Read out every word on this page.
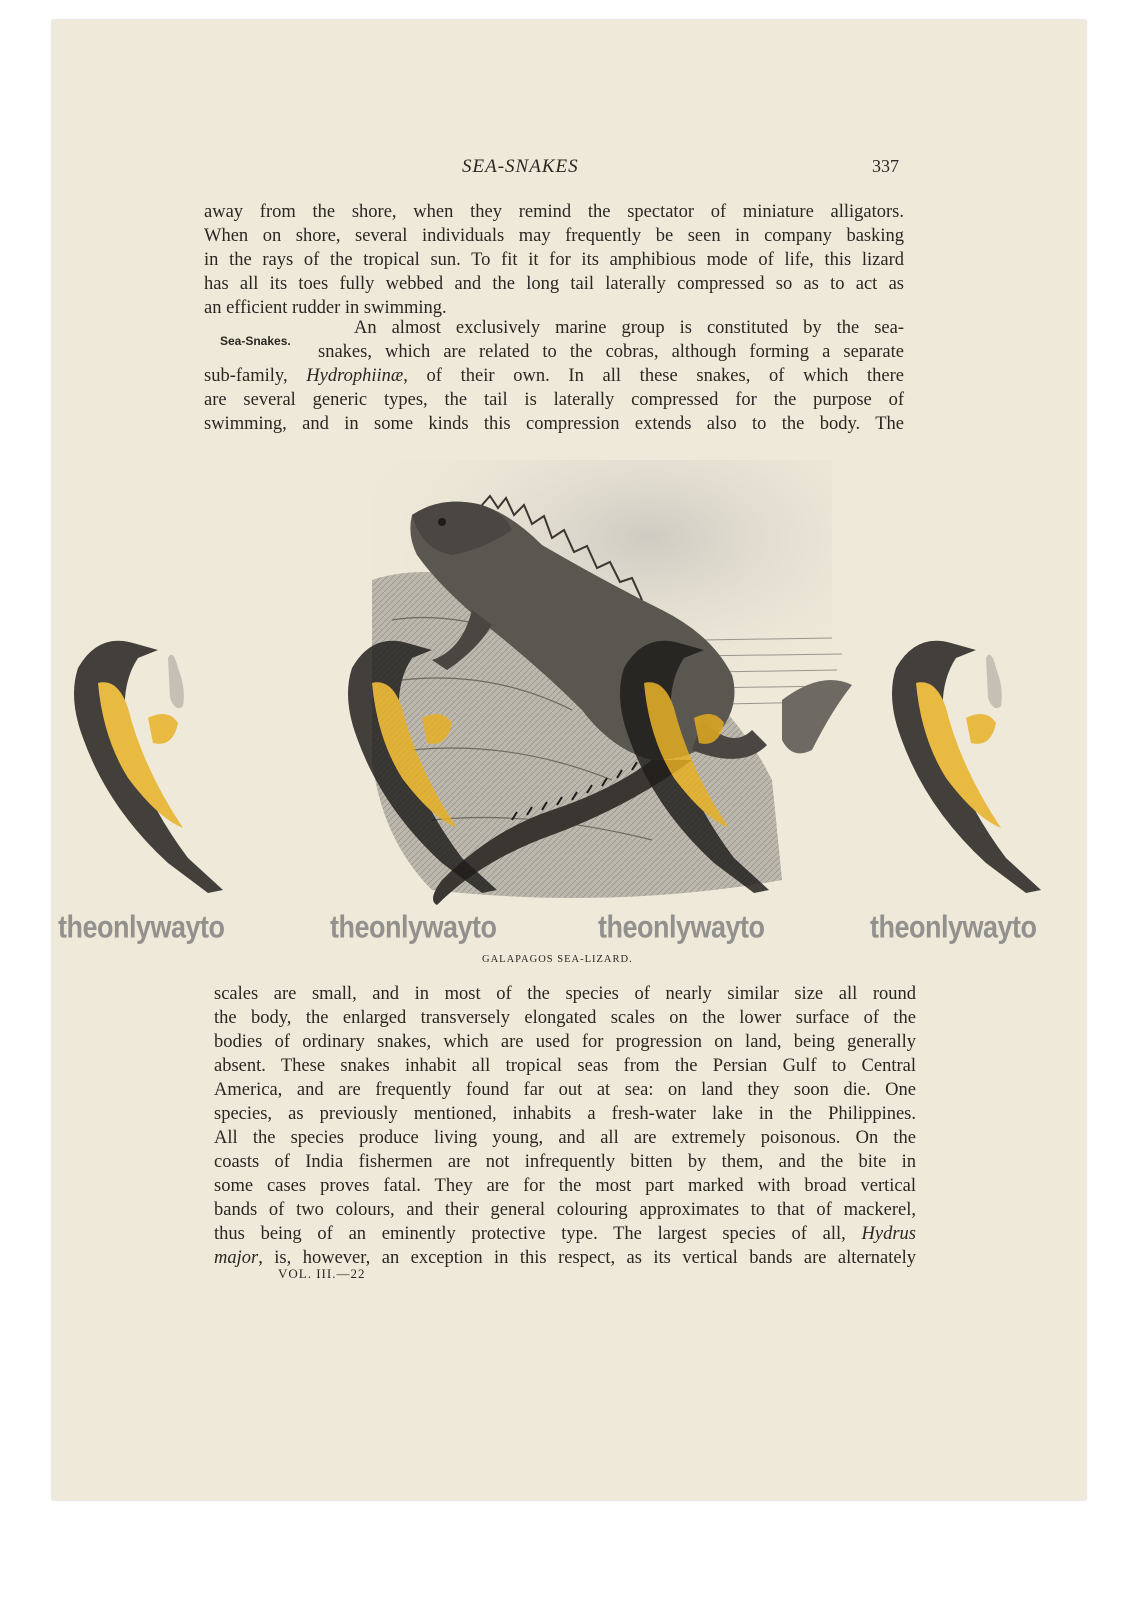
SEA-SNAKES	337
away from the shore, when they remind the spectator of miniature alligators.
When on shore, several individuals may frequently be seen in company basking
in the rays of the tropical sun. To fit it for its amphibious mode of life, this lizard
has all its toes fully webbed and the long tail laterally compressed so as to act as
an efficient rudder in swimming.
An almost exclusively marine group is constituted by the sea-
snakes, which are related to the cobras, although forming a separate
sub-family, Hydrophiinæ, of their own. In all these snakes, of which there
are several generic types, the tail is laterally compressed for the purpose of
swimming, and in some kinds this compression extends also to the body. The
Sea-Snakes.
GALAPAGOS SEA-LIZARD.
scales are small, and in most of the species of nearly similar size all round
the body, the enlarged transversely elongated scales on the lower surface of the
bodies of ordinary snakes, which are used for progression on land, being generally
absent. These snakes inhabit all tropical seas from the Persian Gulf to Central
America, and are frequently found far out at sea: on land they soon die. One
species, as previously mentioned, inhabits a fresh-water lake in the Philippines.
All the species produce living young, and all are extremely poisonous. On the
coasts of India fishermen are not infrequently bitten by them, and the bite in
some cases proves fatal. They are for the most part marked with broad vertical
bands of two colours, and their general colouring approximates to that of mackerel,
thus being of an eminently protective type. The largest species of all, Hydrus
major, is, however, an exception in this respect, as its vertical bands are alternately
VOL. III.—22
theonlywayto	theonlywayto	theonlywayto	theonlywayto
